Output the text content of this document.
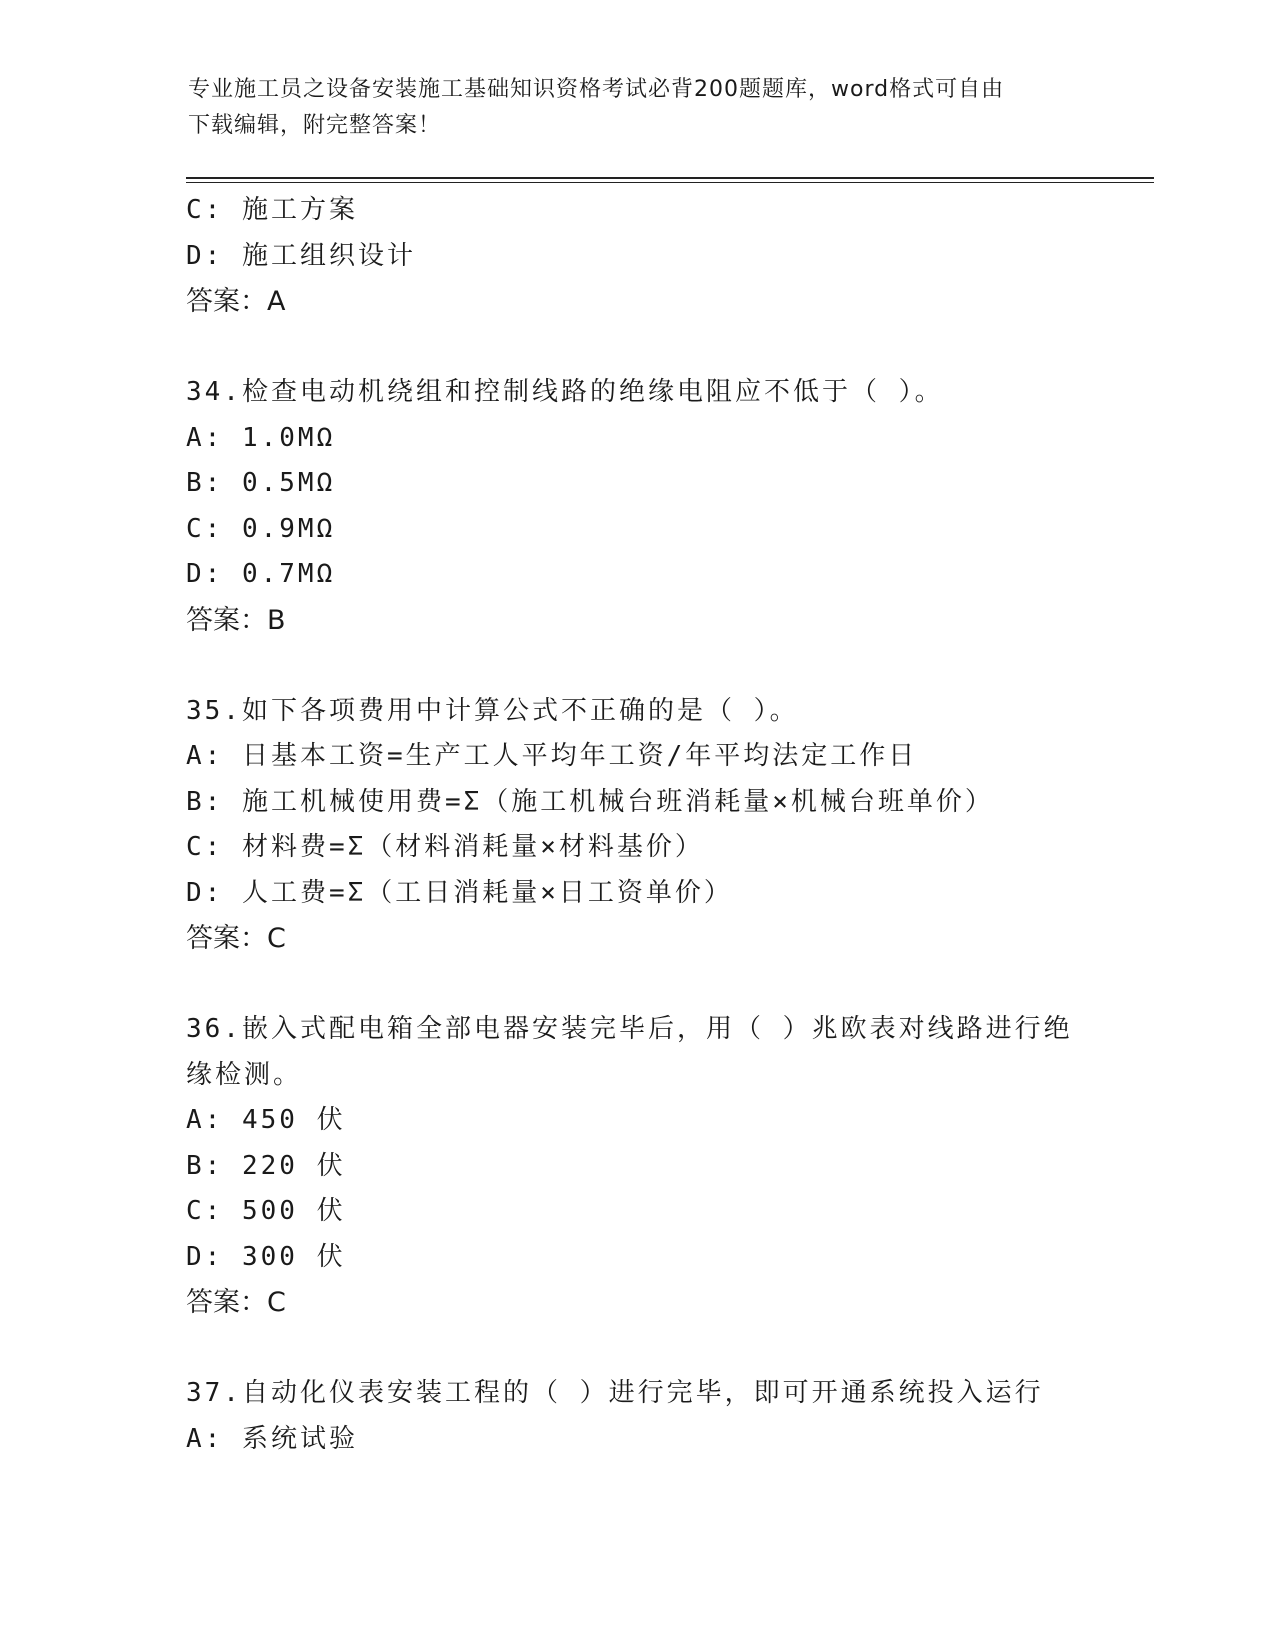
专业施工员之设备安装施工基础知识资格考试必背200题题库，word格式可自由
下载编辑，附完整答案！
C: 施工方案
D: 施工组织设计
答案：A
34.检查电动机绕组和控制线路的绝缘电阻应不低于（ ）。
A: 1.0MΩ
B: 0.5MΩ
C: 0.9MΩ
D: 0.7MΩ
答案：B
35.如下各项费用中计算公式不正确的是（ ）。
A: 日基本工资=生产工人平均年工资/年平均法定工作日
B: 施工机械使用费=Σ（施工机械台班消耗量×机械台班单价）
C: 材料费=Σ（材料消耗量×材料基价）
D: 人工费=Σ（工日消耗量×日工资单价）
答案：C
36.嵌入式配电箱全部电器安装完毕后，用（ ）兆欧表对线路进行绝
缘检测。
A: 450 伏
B: 220 伏
C: 500 伏
D: 300 伏
答案：C
37.自动化仪表安装工程的（ ）进行完毕，即可开通系统投入运行
A: 系统试验
